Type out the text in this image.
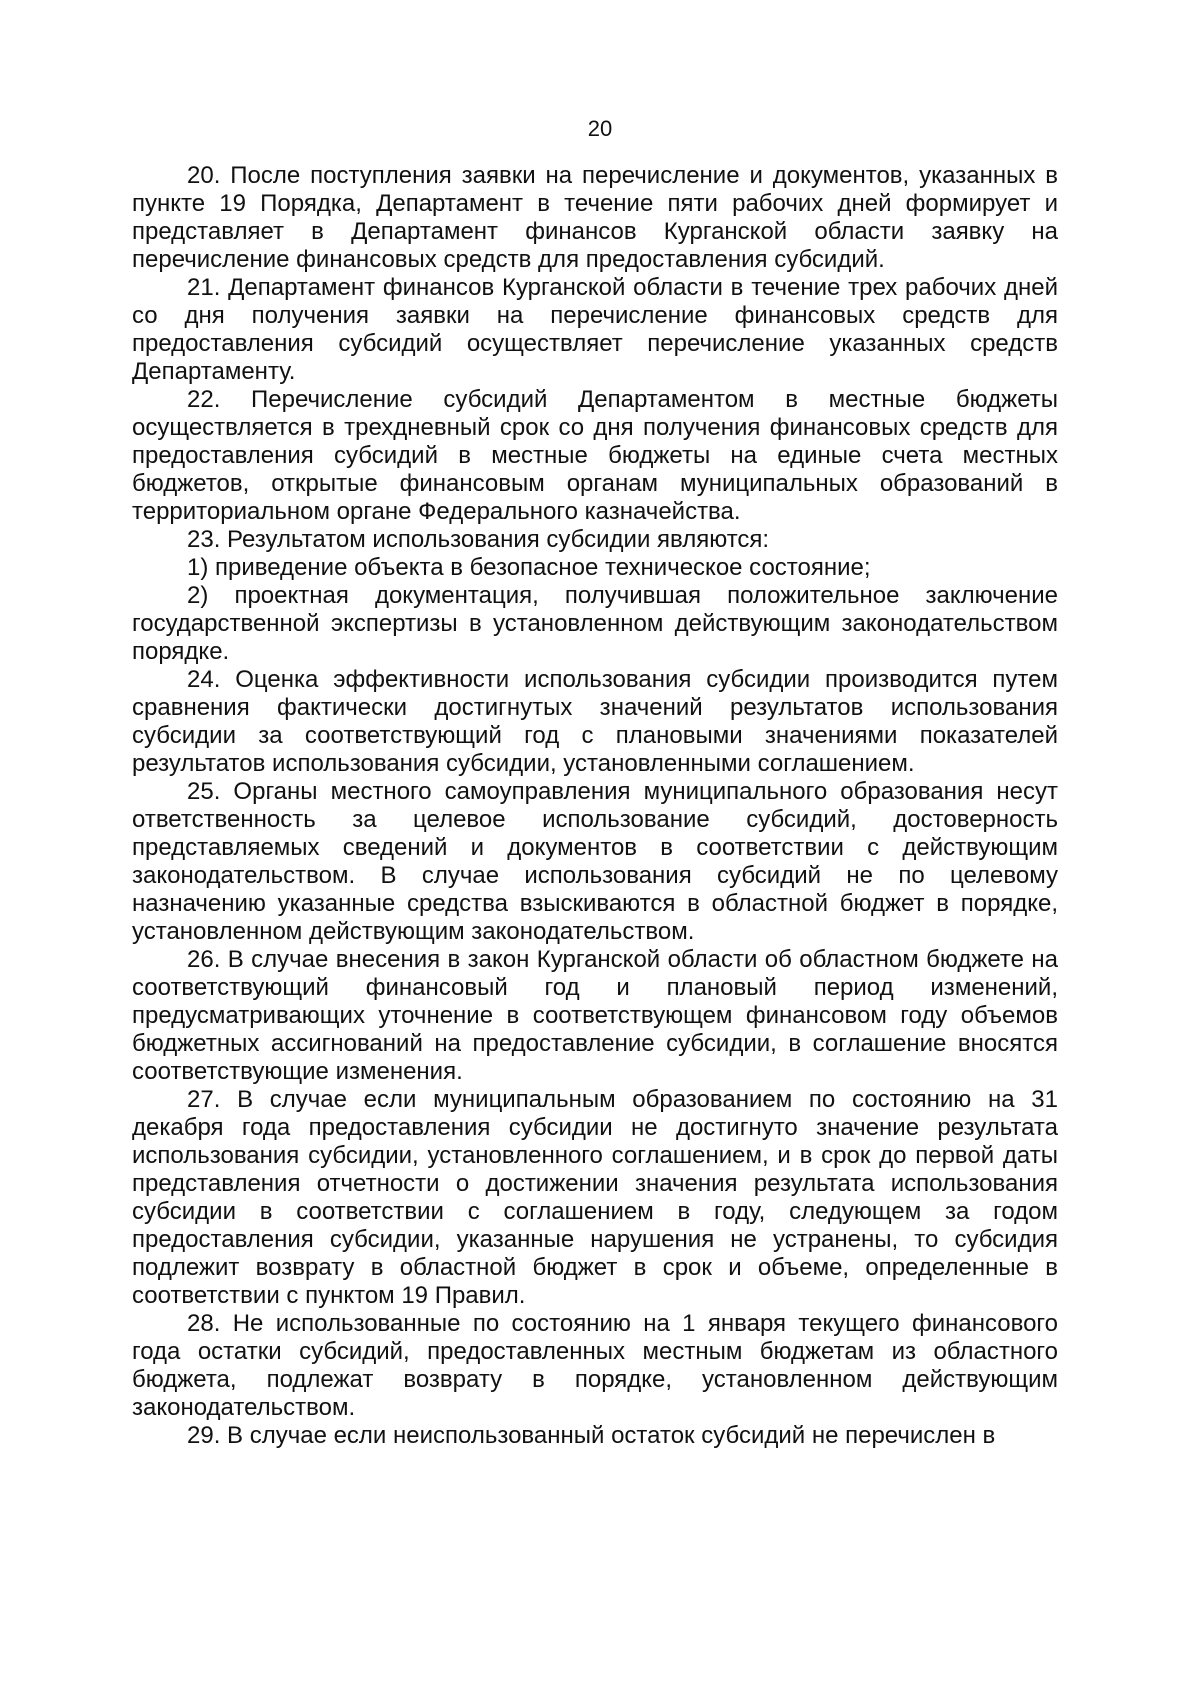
20

20. После поступления заявки на перечисление и документов, указанных в пункте 19 Порядка, Департамент в течение пяти рабочих дней формирует и представляет в Департамент финансов Курганской области заявку на перечисление финансовых средств для предоставления субсидий.

21. Департамент финансов Курганской области в течение трех рабочих дней со дня получения заявки на перечисление финансовых средств для предоставления субсидий осуществляет перечисление указанных средств Департаменту.

22. Перечисление субсидий Департаментом в местные бюджеты осуществляется в трехдневный срок со дня получения финансовых средств для предоставления субсидий в местные бюджеты на единые счета местных бюджетов, открытые финансовым органам муниципальных образований в территориальном органе Федерального казначейства.

23. Результатом использования субсидии являются:

1) приведение объекта в безопасное техническое состояние;

2) проектная документация, получившая положительное заключение государственной экспертизы в установленном действующим законодательством порядке.

24. Оценка эффективности использования субсидии производится путем сравнения фактически достигнутых значений результатов использования субсидии за соответствующий год с плановыми значениями показателей результатов использования субсидии, установленными соглашением.

25. Органы местного самоуправления муниципального образования несут ответственность за целевое использование субсидий, достоверность представляемых сведений и документов в соответствии с действующим законодательством. В случае использования субсидий не по целевому назначению указанные средства взыскиваются в областной бюджет в порядке, установленном действующим законодательством.

26. В случае внесения в закон Курганской области об областном бюджете на соответствующий финансовый год и плановый период изменений, предусматривающих уточнение в соответствующем финансовом году объемов бюджетных ассигнований на предоставление субсидии, в соглашение вносятся соответствующие изменения.

27. В случае если муниципальным образованием по состоянию на 31 декабря года предоставления субсидии не достигнуто значение результата использования субсидии, установленного соглашением, и в срок до первой даты представления отчетности о достижении значения результата использования субсидии в соответствии с соглашением в году, следующем за годом предоставления субсидии, указанные нарушения не устранены, то субсидия подлежит возврату в областной бюджет в срок и объеме, определенные в соответствии с пунктом 19 Правил.

28. Не использованные по состоянию на 1 января текущего финансового года остатки субсидий, предоставленных местным бюджетам из областного бюджета, подлежат возврату в порядке, установленном действующим законодательством.

29. В случае если неиспользованный остаток субсидий не перечислен в
